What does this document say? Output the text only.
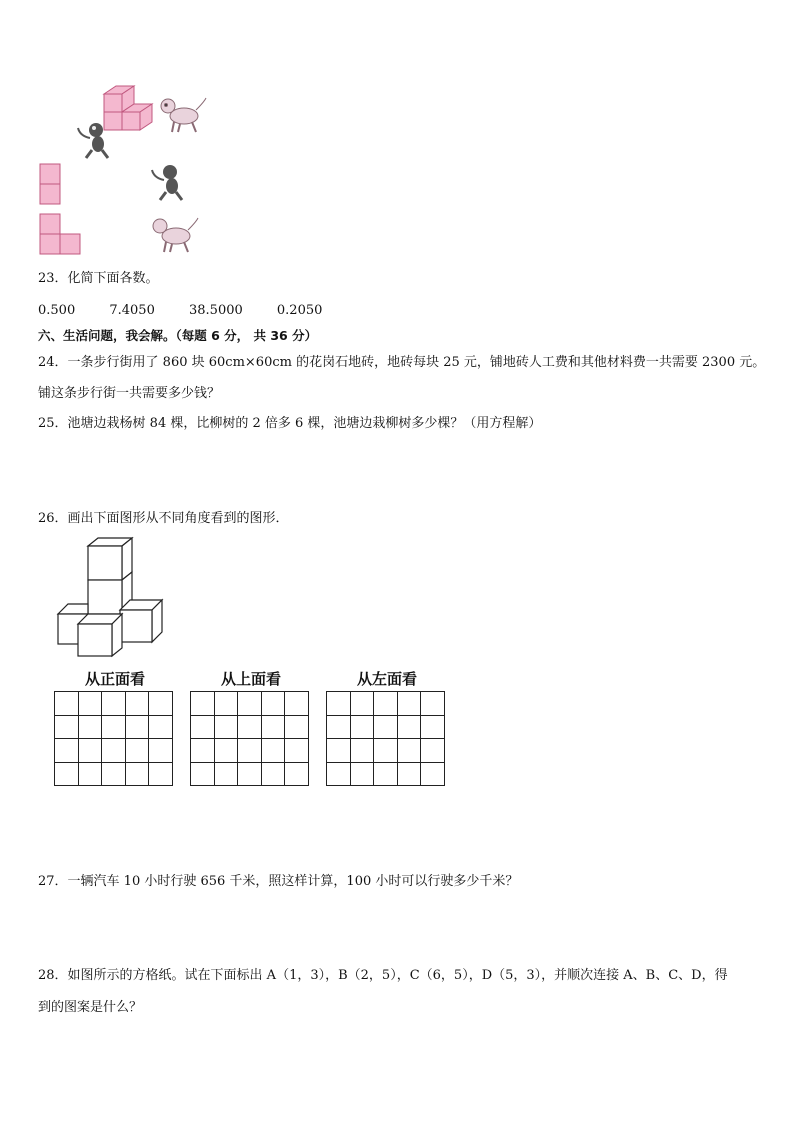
23．化简下面各数。
0.500	7.4050	38.5000	0.2050
六、生活问题，我会解。（每题 6 分， 共 36 分）
24．一条步行街用了 860 块 60cm×60cm 的花岗石地砖，地砖每块 25 元，铺地砖人工费和其他材料费一共需要 2300 元。
铺这条步行街一共需要多少钱？
25．池塘边栽杨树 84 棵，比柳树的 2 倍多 6 棵，池塘边栽柳树多少棵？（用方程解）
26．画出下面图形从不同角度看到的图形．
从正面看	从上面看	从左面看

27．一辆汽车 10 小时行驶 656 千米，照这样计算，100 小时可以行驶多少千米？
28．如图所示的方格纸。试在下面标出 A（1，3），B（2，5），C（6，5），D（5，3），并顺次连接 A、B、C、D，得
到的图案是什么？
